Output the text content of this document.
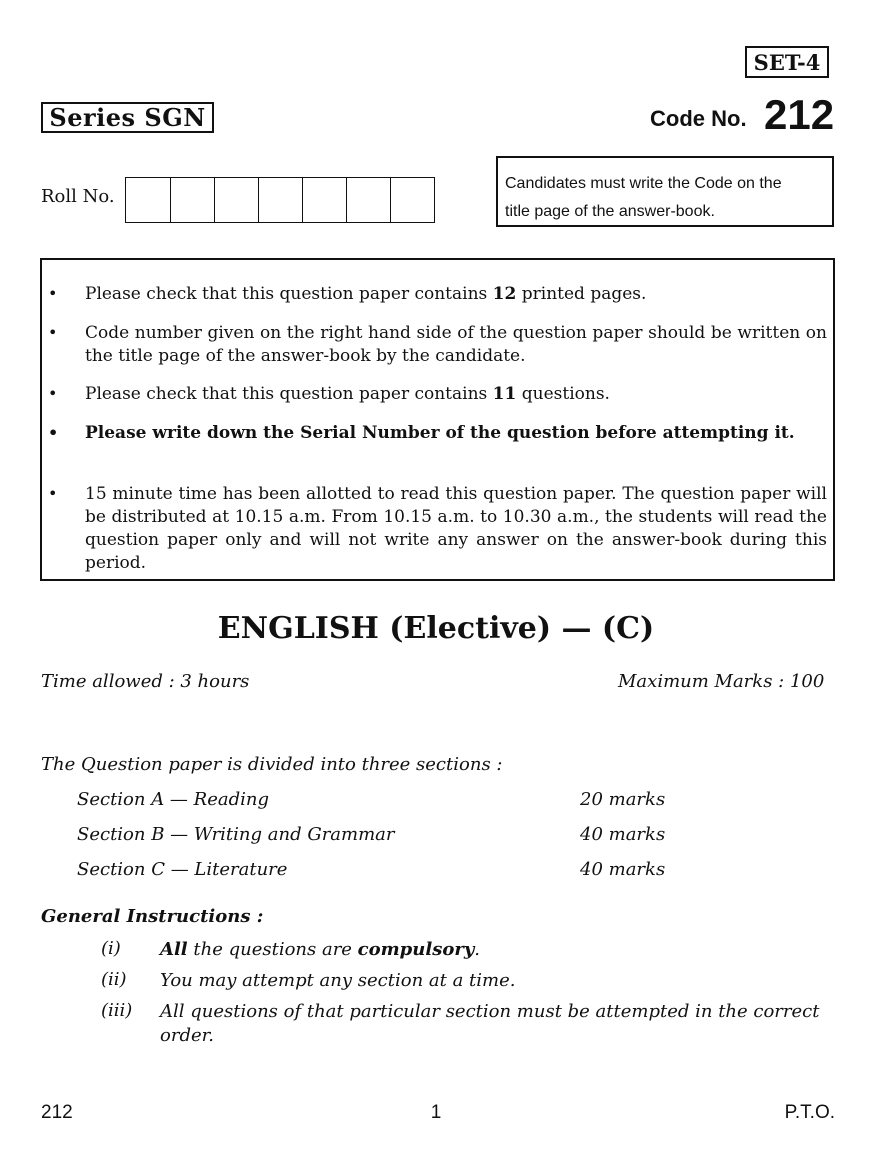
SET-4
Series SGN	Code No. 212
Roll No.
Candidates must write the Code on the
title page of the answer-book.
• Please check that this question paper contains 12 printed pages.
• Code number given on the right hand side of the question paper should be written on the title page of the answer-book by the candidate.
• Please check that this question paper contains 11 questions.
• Please write down the Serial Number of the question before attempting it.
• 15 minute time has been allotted to read this question paper. The question paper will be distributed at 10.15 a.m. From 10.15 a.m. to 10.30 a.m., the students will read the question paper only and will not write any answer on the answer-book during this period.
ENGLISH (Elective) — (C)
Time allowed : 3 hours	Maximum Marks : 100
The Question paper is divided into three sections :
Section A — Reading	20 marks
Section B — Writing and Grammar	40 marks
Section C — Literature	40 marks
General Instructions :
(i) All the questions are compulsory.
(ii) You may attempt any section at a time.
(iii) All questions of that particular section must be attempted in the correct order.
212	1	P.T.O.
